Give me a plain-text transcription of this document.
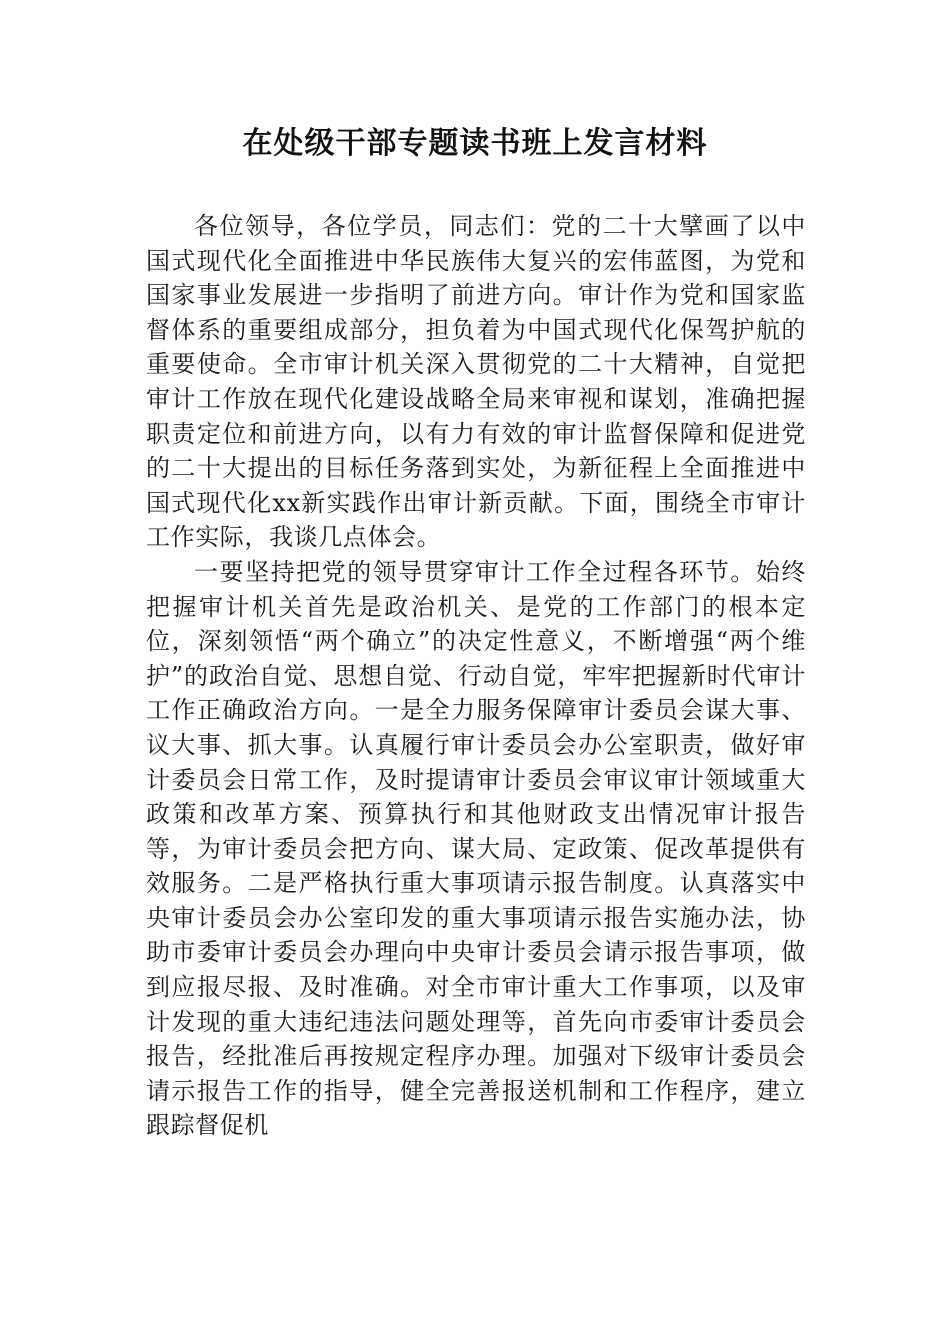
在处级干部专题读书班上发言材料

各位领导，各位学员，同志们：党的二十大擘画了以中国式现代化全面推进中华民族伟大复兴的宏伟蓝图，为党和国家事业发展进一步指明了前进方向。审计作为党和国家监督体系的重要组成部分，担负着为中国式现代化保驾护航的重要使命。全市审计机关深入贯彻党的二十大精神，自觉把审计工作放在现代化建设战略全局来审视和谋划，准确把握职责定位和前进方向，以有力有效的审计监督保障和促进党的二十大提出的目标任务落到实处，为新征程上全面推进中国式现代化xx新实践作出审计新贡献。下面，围绕全市审计工作实际，我谈几点体会。

一要坚持把党的领导贯穿审计工作全过程各环节。始终把握审计机关首先是政治机关、是党的工作部门的根本定位，深刻领悟“两个确立”的决定性意义，不断增强“两个维护”的政治自觉、思想自觉、行动自觉，牢牢把握新时代审计工作正确政治方向。一是全力服务保障审计委员会谋大事、议大事、抓大事。认真履行审计委员会办公室职责，做好审计委员会日常工作，及时提请审计委员会审议审计领域重大政策和改革方案、预算执行和其他财政支出情况审计报告等，为审计委员会把方向、谋大局、定政策、促改革提供有效服务。二是严格执行重大事项请示报告制度。认真落实中央审计委员会办公室印发的重大事项请示报告实施办法，协助市委审计委员会办理向中央审计委员会请示报告事项，做到应报尽报、及时准确。对全市审计重大工作事项，以及审计发现的重大违纪违法问题处理等，首先向市委审计委员会报告，经批准后再按规定程序办理。加强对下级审计委员会请示报告工作的指导，健全完善报送机制和工作程序，建立跟踪督促机
